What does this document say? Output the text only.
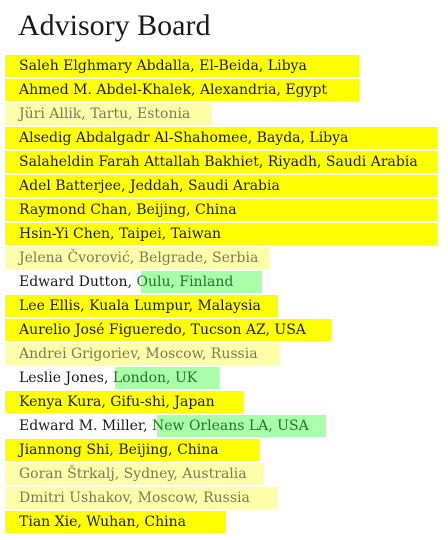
Advisory Board
Saleh Elghmary Abdalla, El-Beida, Libya
Ahmed M. Abdel-Khalek, Alexandria, Egypt
Jüri Allik, Tartu, Estonia
Alsedig Abdalgadr Al-Shahomee, Bayda, Libya
Salaheldin Farah Attallah Bakhiet, Riyadh, Saudi Arabia
Adel Batterjee, Jeddah, Saudi Arabia
Raymond Chan, Beijing, China
Hsin-Yi Chen, Taipei, Taiwan
Jelena Čvorović, Belgrade, Serbia
Edward Dutton, Oulu, Finland
Lee Ellis, Kuala Lumpur, Malaysia
Aurelio José Figueredo, Tucson AZ, USA
Andrei Grigoriev, Moscow, Russia
Leslie Jones, London, UK
Kenya Kura, Gifu-shi, Japan
Edward M. Miller, New Orleans LA, USA
Jiannong Shi, Beijing, China
Goran Štrkalj, Sydney, Australia
Dmitri Ushakov, Moscow, Russia
Tian Xie, Wuhan, China
